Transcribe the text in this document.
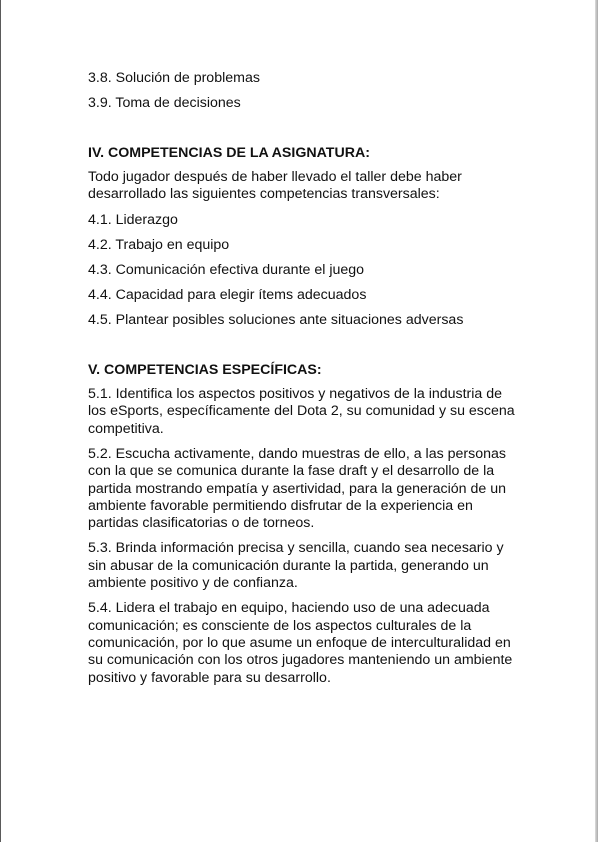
3.8. Solución de problemas

3.9. Toma de decisiones

IV. COMPETENCIAS DE LA ASIGNATURA:

Todo jugador después de haber llevado el taller debe haber

desarrollado las siguientes competencias transversales:

4.1. Liderazgo

4.2. Trabajo en equipo

4.3. Comunicación efectiva durante el juego

4.4. Capacidad para elegir ítems adecuados

4.5. Plantear posibles soluciones ante situaciones adversas

V. COMPETENCIAS ESPECÍFICAS:

5.1. Identifica los aspectos positivos y negativos de la industria de

los eSports, específicamente del Dota 2, su comunidad y su escena

competitiva.

5.2. Escucha activamente, dando muestras de ello, a las personas

con la que se comunica durante la fase draft y el desarrollo de la

partida mostrando empatía y asertividad, para la generación de un

ambiente favorable permitiendo disfrutar de la experiencia en

partidas clasificatorias o de torneos.

5.3. Brinda información precisa y sencilla, cuando sea necesario y

sin abusar de la comunicación durante la partida, generando un

ambiente positivo y de confianza.

5.4. Lidera el trabajo en equipo, haciendo uso de una adecuada

comunicación; es consciente de los aspectos culturales de la

comunicación, por lo que asume un enfoque de interculturalidad en

su comunicación con los otros jugadores manteniendo un ambiente

positivo y favorable para su desarrollo.
